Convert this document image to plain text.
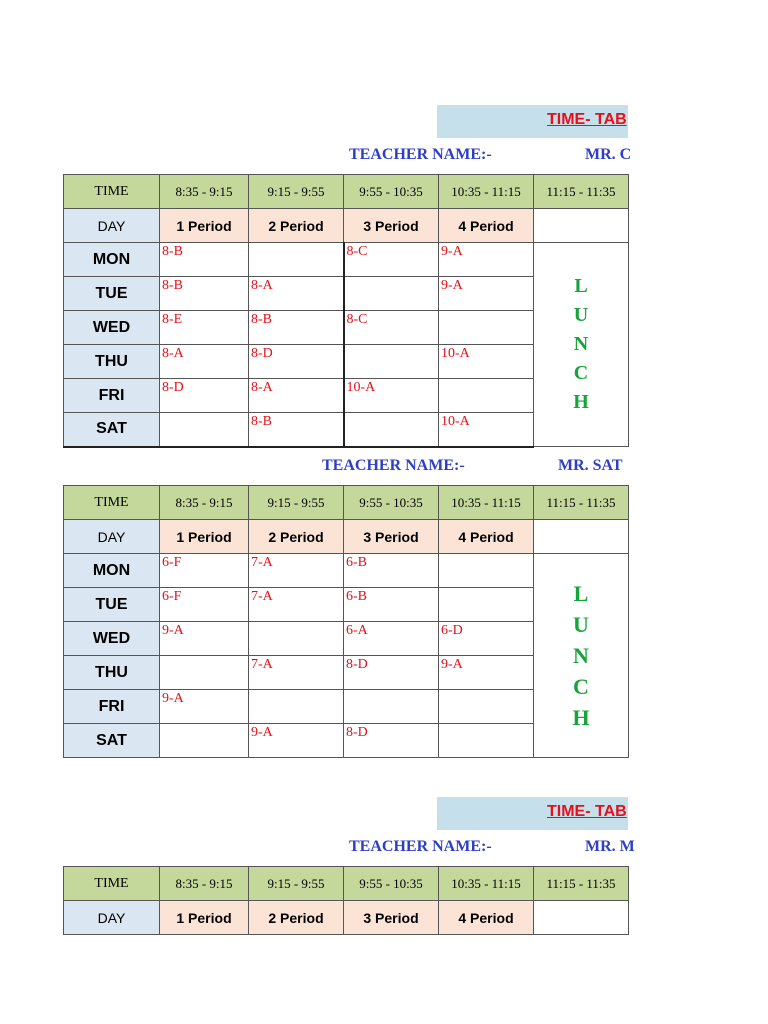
TIME- TAB
TEACHER NAME:-	MR. C
TIME	8:35 - 9:15	9:15 - 9:55	9:55 - 10:35	10:35 - 11:15	11:15 - 11:35
DAY	1 Period	2 Period	3 Period	4 Period	
MON	8-B		8-C	9-A	L
U
N
C
H

TUE	8-B	8-A		9-A	
WED	8-E	8-B	8-C		
THU	8-A	8-D		10-A	
FRI	8-D	8-A	10-A		
SAT		8-B		10-A	
TEACHER NAME:-	MR. SAT
TIME	8:35 - 9:15	9:15 - 9:55	9:55 - 10:35	10:35 - 11:15	11:15 - 11:35
DAY	1 Period	2 Period	3 Period	4 Period	
MON	6-F	7-A	6-B		L
U
N
C
H

TUE	6-F	7-A	6-B		
WED	9-A		6-A	6-D	
THU		7-A	8-D	9-A	
FRI	9-A				
SAT		9-A	8-D		
TIME- TAB
TEACHER NAME:-	MR. M
TIME	8:35 - 9:15	9:15 - 9:55	9:55 - 10:35	10:35 - 11:15	11:15 - 11:35
DAY	1 Period	2 Period	3 Period	4 Period	
